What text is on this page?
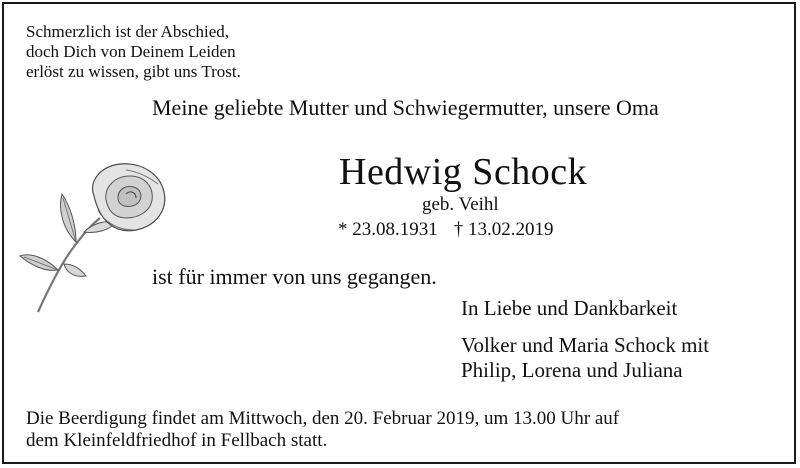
Schmerzlich ist der Abschied,
doch Dich von Deinem Leiden
erlöst zu wissen, gibt uns Trost.
Meine geliebte Mutter und Schwiegermutter, unsere Oma
Hedwig Schock
geb. Veihl
* 23.08.1931 † 13.02.2019
ist für immer von uns gegangen.
In Liebe und Dankbarkeit
Volker und Maria Schock mit
Philip, Lorena und Juliana
Die Beerdigung findet am Mittwoch, den 20. Februar 2019, um 13.00 Uhr auf
dem Kleinfeldfriedhof in Fellbach statt.
